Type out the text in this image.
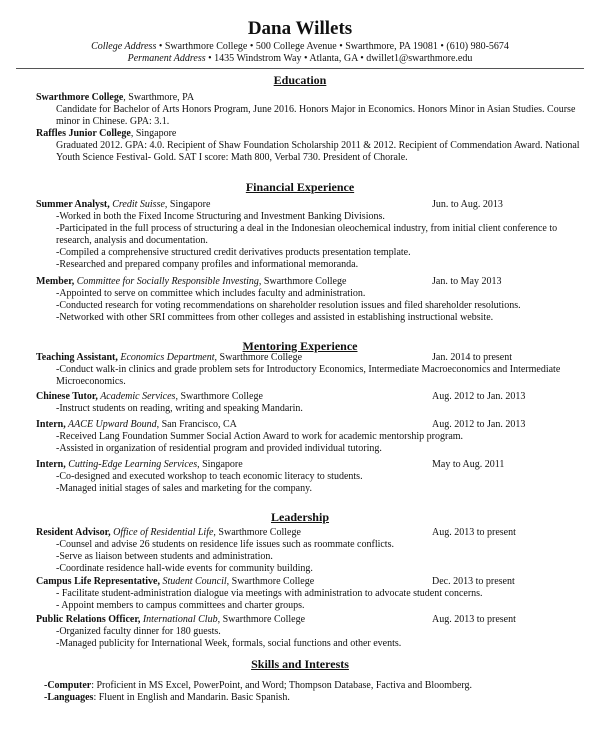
Dana Willets
College Address • Swarthmore College • 500 College Avenue • Swarthmore, PA 19081 • (610) 980-5674
Permanent Address • 1435 Windstrom Way • Atlanta, GA • dwillet1@swarthmore.edu
Education
Swarthmore College, Swarthmore, PA
Candidate for Bachelor of Arts Honors Program, June 2016. Honors Major in Economics. Honors Minor in Asian Studies. Course minor in Chinese. GPA: 3.1.
Raffles Junior College, Singapore
Graduated 2012. GPA: 4.0. Recipient of Shaw Foundation Scholarship 2011 & 2012. Recipient of Commendation Award. National Youth Science Festival- Gold. SAT I score: Math 800, Verbal 730. President of Chorale.
Financial Experience
Summer Analyst, Credit Suisse, Singapore	Jun. to Aug. 2013
-Worked in both the Fixed Income Structuring and Investment Banking Divisions.
-Participated in the full process of structuring a deal in the Indonesian oleochemical industry, from initial client conference to research, analysis and documentation.
-Compiled a comprehensive structured credit derivatives products presentation template.
-Researched and prepared company profiles and informational memoranda.
Member, Committee for Socially Responsible Investing, Swarthmore College	Jan. to May 2013
-Appointed to serve on committee which includes faculty and administration.
-Conducted research for voting recommendations on shareholder resolution issues and filed shareholder resolutions.
-Networked with other SRI committees from other colleges and assisted in establishing instructional website.
Mentoring Experience
Teaching Assistant, Economics Department, Swarthmore College	Jan. 2014 to present
-Conduct walk-in clinics and grade problem sets for Introductory Economics, Intermediate Macroeconomics and Intermediate Microeconomics.
Chinese Tutor, Academic Services, Swarthmore College	Aug. 2012 to Jan. 2013
-Instruct students on reading, writing and speaking Mandarin.
Intern, AACE Upward Bound, San Francisco, CA	Aug. 2012 to Jan. 2013
-Received Lang Foundation Summer Social Action Award to work for academic mentorship program.
-Assisted in organization of residential program and provided individual tutoring.
Intern, Cutting-Edge Learning Services, Singapore	May to Aug. 2011
-Co-designed and executed workshop to teach economic literacy to students.
-Managed initial stages of sales and marketing for the company.
Leadership
Resident Advisor, Office of Residential Life, Swarthmore College	Aug. 2013 to present
-Counsel and advise 26 students on residence life issues such as roommate conflicts.
-Serve as liaison between students and administration.
-Coordinate residence hall-wide events for community building.
Campus Life Representative, Student Council, Swarthmore College	Dec. 2013 to present
- Facilitate student-administration dialogue via meetings with administration to advocate student concerns.
- Appoint members to campus committees and charter groups.
Public Relations Officer, International Club, Swarthmore College	Aug. 2013 to present
-Organized faculty dinner for 180 guests.
-Managed publicity for International Week, formals, social functions and other events.
Skills and Interests
-Computer: Proficient in MS Excel, PowerPoint, and Word; Thompson Database, Factiva and Bloomberg.
-Languages: Fluent in English and Mandarin. Basic Spanish.
